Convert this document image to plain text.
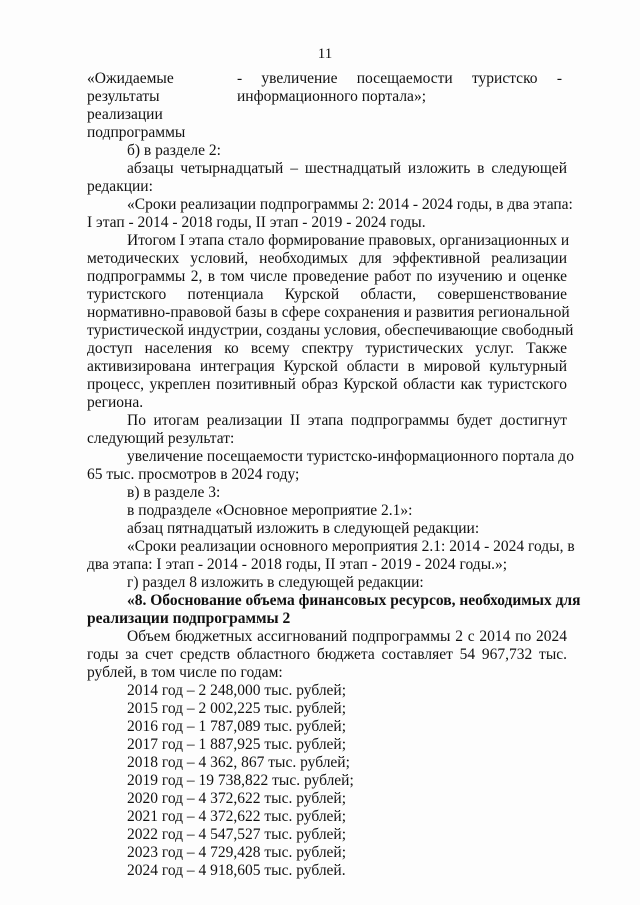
11
«Ожидаемые
результаты
реализации
подпрограммы
- увеличение посещаемости туристско -
информационного портала»;
б) в разделе 2:
абзацы четырнадцатый – шестнадцатый изложить в следующей
редакции:
«Сроки реализации подпрограммы 2: 2014 - 2024 годы, в два этапа:
I этап - 2014 - 2018 годы, II этап - 2019 - 2024 годы.
Итогом I этапа стало формирование правовых, организационных и
методических условий, необходимых для эффективной реализации
подпрограммы 2, в том числе проведение работ по изучению и оценке
туристского потенциала Курской области, совершенствование
нормативно-правовой базы в сфере сохранения и развития региональной
туристической индустрии, созданы условия, обеспечивающие свободный
доступ населения ко всему спектру туристических услуг. Также
активизирована интеграция Курской области в мировой культурный
процесс, укреплен позитивный образ Курской области как туристского
региона.
По итогам реализации II этапа подпрограммы будет достигнут
следующий результат:
увеличение посещаемости туристско-информационного портала до
65 тыс. просмотров в 2024 году;
в) в разделе 3:
в подразделе «Основное мероприятие 2.1»:
абзац пятнадцатый изложить в следующей редакции:
«Сроки реализации основного мероприятия 2.1: 2014 - 2024 годы, в
два этапа: I этап - 2014 - 2018 годы, II этап - 2019 - 2024 годы.»;
г) раздел 8 изложить в следующей редакции:
«8. Обоснование объема финансовых ресурсов, необходимых для
реализации подпрограммы 2
Объем бюджетных ассигнований подпрограммы 2 с 2014 по 2024
годы за счет средств областного бюджета составляет 54 967,732 тыс.
рублей, в том числе по годам:
2014 год – 2 248,000 тыс. рублей;
2015 год – 2 002,225 тыс. рублей;
2016 год – 1 787,089 тыс. рублей;
2017 год – 1 887,925 тыс. рублей;
2018 год – 4 362, 867 тыс. рублей;
2019 год – 19 738,822 тыс. рублей;
2020 год – 4 372,622 тыс. рублей;
2021 год – 4 372,622 тыс. рублей;
2022 год – 4 547,527 тыс. рублей;
2023 год – 4 729,428 тыс. рублей;
2024 год – 4 918,605 тыс. рублей.
